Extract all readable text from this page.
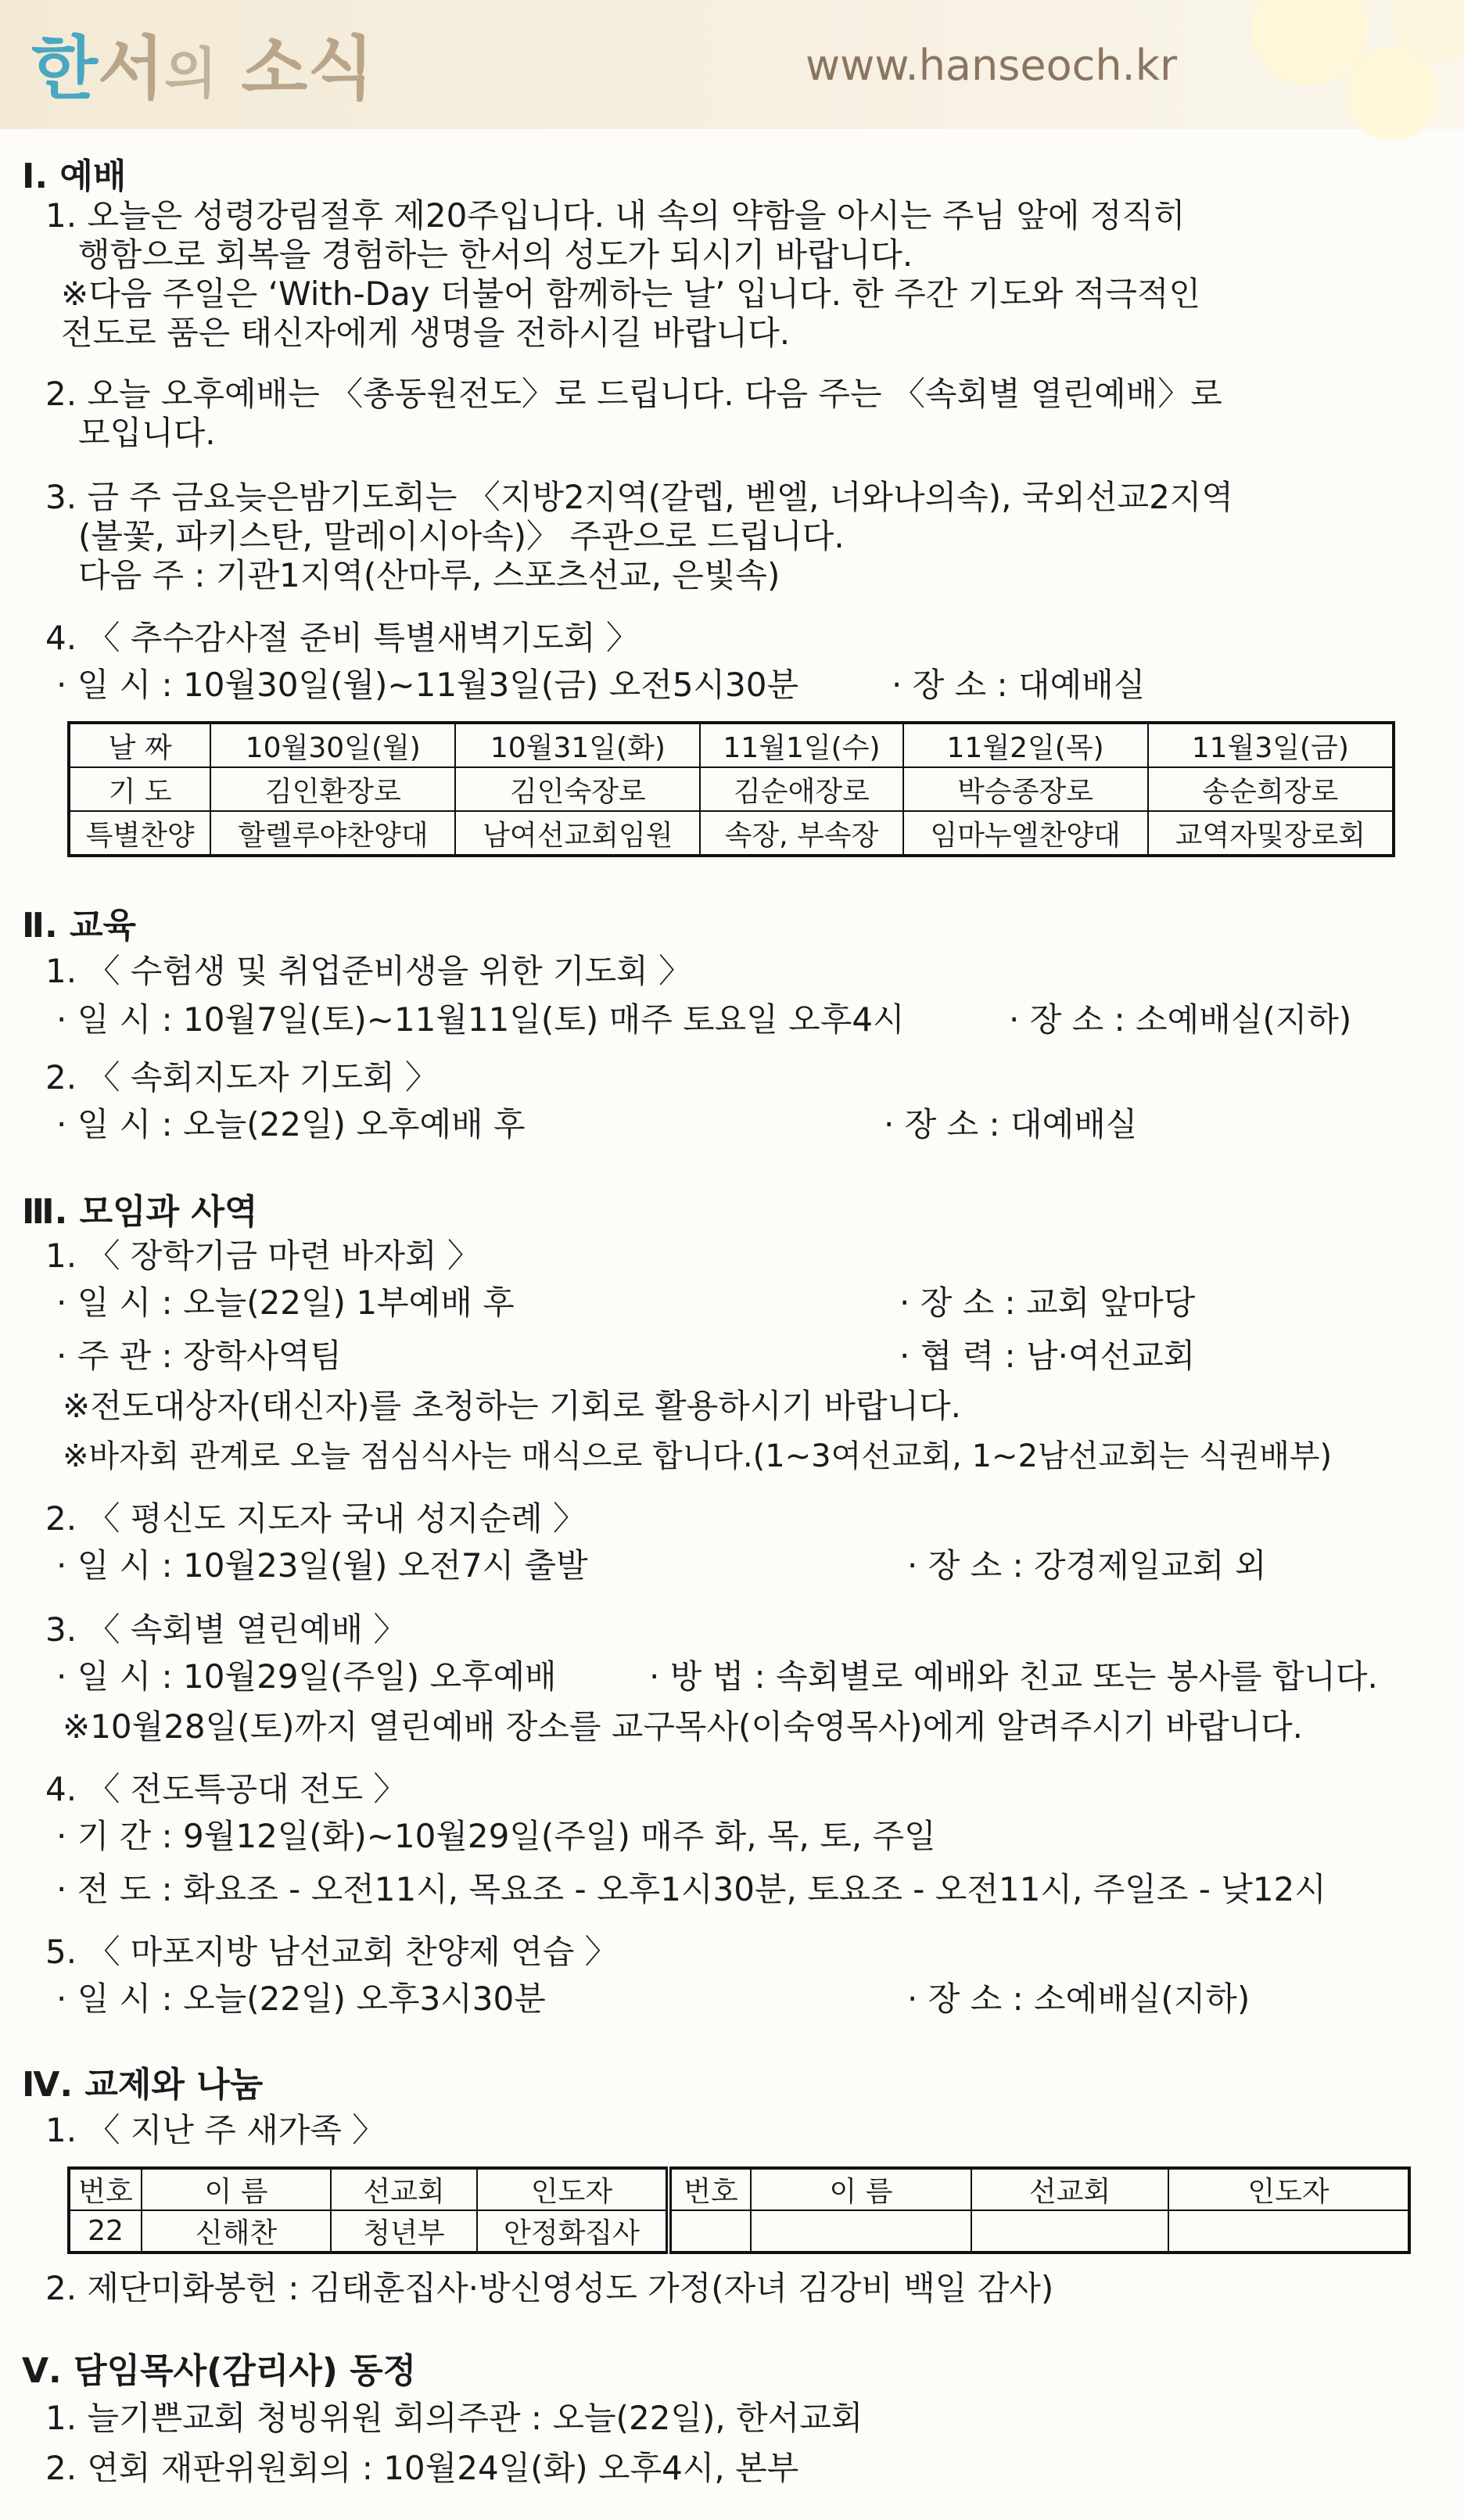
한서의 소식	www.hanseoch.kr
Ⅰ. 예배
1. 오늘은 성령강림절후 제20주입니다. 내 속의 약함을 아시는 주님 앞에 정직히
행함으로 회복을 경험하는 한서의 성도가 되시기 바랍니다.
※다음 주일은 ‘With-Day 더불어 함께하는 날’ 입니다. 한 주간 기도와 적극적인
전도로 품은 태신자에게 생명을 전하시길 바랍니다.
2. 오늘 오후예배는 〈총동원전도〉로 드립니다. 다음 주는 〈속회별 열린예배〉로
모입니다.
3. 금 주 금요늦은밤기도회는 〈지방2지역(갈렙, 벧엘, 너와나의속), 국외선교2지역
(불꽃, 파키스탄, 말레이시아속)〉 주관으로 드립니다.
다음 주 : 기관1지역(산마루, 스포츠선교, 은빛속)
4. 〈 추수감사절 준비 특별새벽기도회 〉
· 일 시 : 10월30일(월)~11월3일(금) 오전5시30분	· 장 소 : 대예배실
날 짜	10월30일(월)	10월31일(화)	11월1일(수)	11월2일(목)	11월3일(금)
기 도	김인환장로	김인숙장로	김순애장로	박승종장로	송순희장로
특별찬양	할렐루야찬양대	남여선교회임원	속장, 부속장	임마누엘찬양대	교역자및장로회
Ⅱ. 교육
1. 〈 수험생 및 취업준비생을 위한 기도회 〉
· 일 시 : 10월7일(토)~11월11일(토) 매주 토요일 오후4시	· 장 소 : 소예배실(지하)
2. 〈 속회지도자 기도회 〉
· 일 시 : 오늘(22일) 오후예배 후	· 장 소 : 대예배실
Ⅲ. 모임과 사역
1. 〈 장학기금 마련 바자회 〉
· 일 시 : 오늘(22일) 1부예배 후	· 장 소 : 교회 앞마당
· 주 관 : 장학사역팀	· 협 력 : 남·여선교회
※전도대상자(태신자)를 초청하는 기회로 활용하시기 바랍니다.
※바자회 관계로 오늘 점심식사는 매식으로 합니다.(1~3여선교회, 1~2남선교회는 식권배부)
2. 〈 평신도 지도자 국내 성지순례 〉
· 일 시 : 10월23일(월) 오전7시 출발	· 장 소 : 강경제일교회 외
3. 〈 속회별 열린예배 〉
· 일 시 : 10월29일(주일) 오후예배	· 방 법 : 속회별로 예배와 친교 또는 봉사를 합니다.
※10월28일(토)까지 열린예배 장소를 교구목사(이숙영목사)에게 알려주시기 바랍니다.
4. 〈 전도특공대 전도 〉
· 기 간 : 9월12일(화)~10월29일(주일) 매주 화, 목, 토, 주일
· 전 도 : 화요조 - 오전11시, 목요조 - 오후1시30분, 토요조 - 오전11시, 주일조 - 낮12시
5. 〈 마포지방 남선교회 찬양제 연습 〉
· 일 시 : 오늘(22일) 오후3시30분	· 장 소 : 소예배실(지하)
Ⅳ. 교제와 나눔
1. 〈 지난 주 새가족 〉
번호	이 름	선교회	인도자	번호	이 름	선교회	인도자
22	신해찬	청년부	안정화집사				
2. 제단미화봉헌 : 김태훈집사·방신영성도 가정(자녀 김강비 백일 감사)
Ⅴ. 담임목사(감리사) 동정
1. 늘기쁜교회 청빙위원 회의주관 : 오늘(22일), 한서교회
2. 연회 재판위원회의 : 10월24일(화) 오후4시, 본부
